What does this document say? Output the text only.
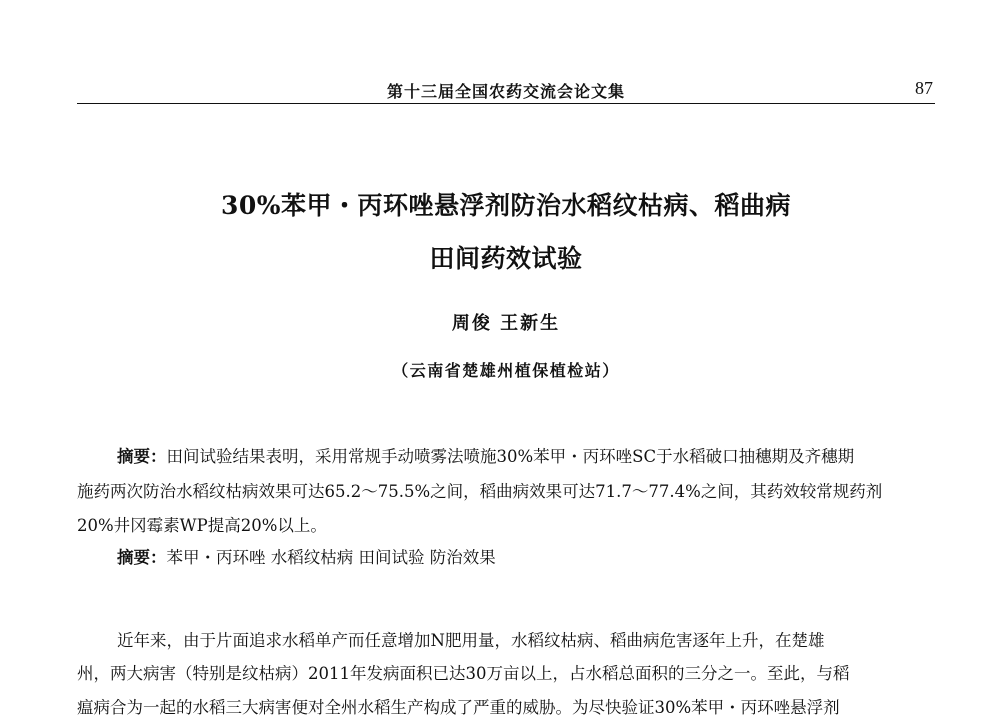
第十三届全国农药交流会论文集	87
30%苯甲・丙环唑悬浮剂防治水稻纹枯病、稻曲病
田间药效试验
周俊 王新生
（云南省楚雄州植保植检站）
摘要：田间试验结果表明，采用常规手动喷雾法喷施30%苯甲・丙环唑SC于水稻破口抽穗期及齐穗期
施药两次防治水稻纹枯病效果可达65.2～75.5%之间，稻曲病效果可达71.7～77.4%之间，其药效较常规药剂
20%井冈霉素WP提高20%以上。
摘要：苯甲・丙环唑 水稻纹枯病 田间试验 防治效果
近年来，由于片面追求水稻单产而任意增加N肥用量，水稻纹枯病、稻曲病危害逐年上升，在楚雄
州，两大病害（特别是纹枯病）2011年发病面积已达30万亩以上，占水稻总面积的三分之一。至此，与稻
瘟病合为一起的水稻三大病害便对全州水稻生产构成了严重的威胁。为尽快验证30%苯甲・丙环唑悬浮剂
